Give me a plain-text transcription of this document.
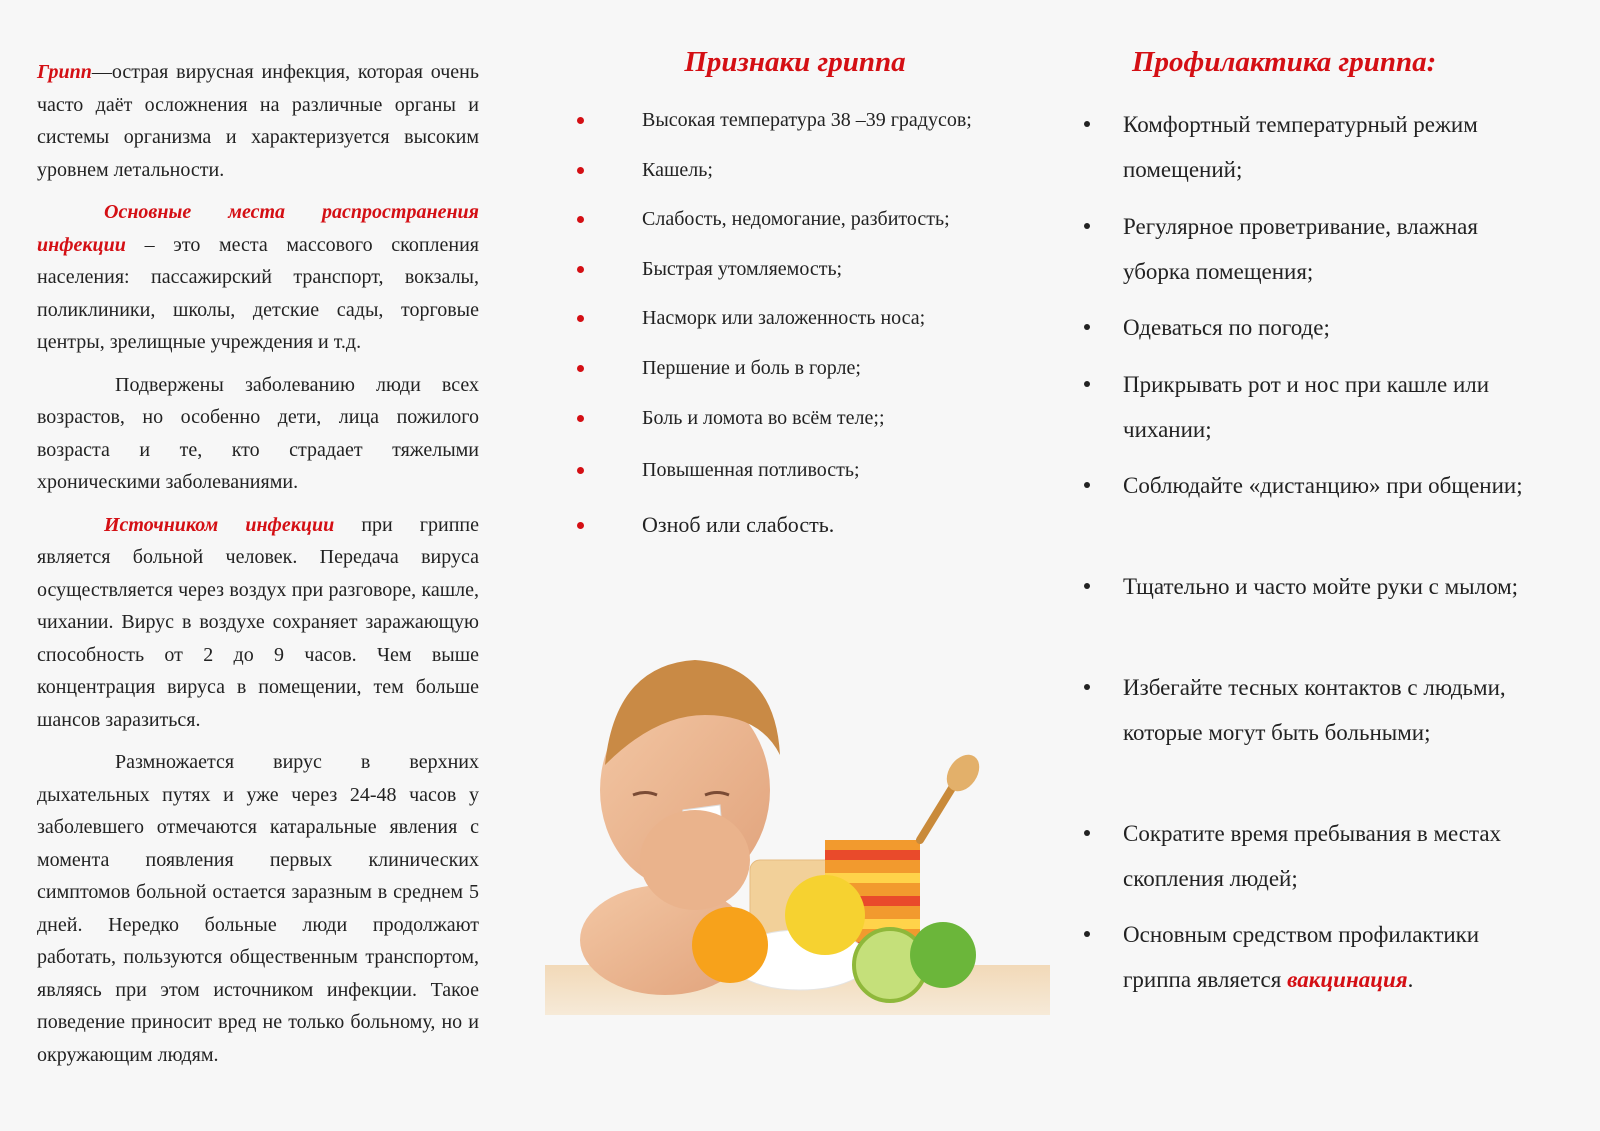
Грипп—острая вирусная инфекция, которая очень часто даёт осложнения на различные органы и системы организма и характеризуется высоким уровнем летальности.

Основные места распространения инфекции – это места массового скопления населения: пассажирский транспорт, вокзалы, поликлиники, школы, детские сады, торговые центры, зрелищные учреждения и т.д.

Подвержены заболеванию люди всех возрастов, но особенно дети, лица пожилого возраста и те, кто страдает тяжелыми хроническими заболеваниями.

Источником инфекции при гриппе является больной человек. Передача вируса осуществляется через воздух при разговоре, кашле, чихании. Вирус в воздухе сохраняет заражающую способность от 2 до 9 часов. Чем выше концентрация вируса в помещении, тем больше шансов заразиться.

Размножается вирус в верхних дыхательных путях и уже через 24-48 часов у заболевшего отмечаются катаральные явления с момента появления первых клинических симптомов больной остается заразным в среднем 5 дней. Нередко больные люди продолжают работать, пользуются общественным транспортом, являясь при этом источником инфекции. Такое поведение приносит вред не только больному, но и окружающим людям.

Признаки гриппа
Высокая температура 38 –39 градусов;
Кашель;
Слабость, недомогание, разбитость;
Быстрая утомляемость;
Насморк или заложенность носа;
Першение и боль в горле;
Боль и ломота во всём теле;;
Повышенная потливость;
Озноб или слабость.
Профилактика гриппа:
Комфортный температурный режим помещений;
Регулярное проветривание, влажная уборка помещения;
Одеваться по погоде;
Прикрывать рот и нос при кашле или чихании;
Соблюдайте «дистанцию» при общении;
Тщательно и часто мойте руки с мылом;
Избегайте тесных контактов с людьми, которые могут быть больными;
Сократите время пребывания в местах скопления людей;
Основным средством профилактики гриппа является вакцинация.
